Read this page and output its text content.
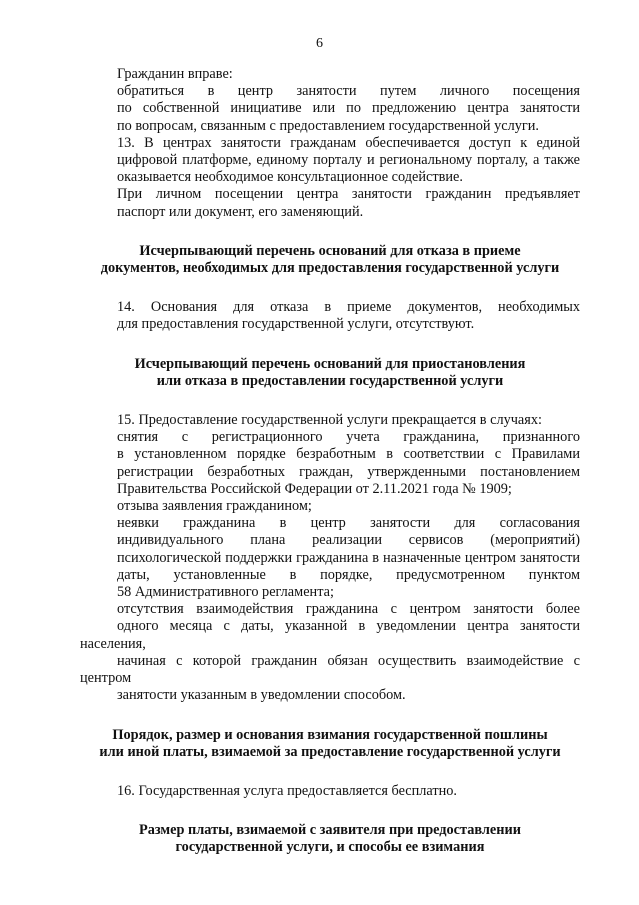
6

Гражданин вправе:

обратиться в центр занятости путем личного посещения
по собственной инициативе или по предложению центра занятости
по вопросам, связанным с предоставлением государственной услуги.

13. В центрах занятости гражданам обеспечивается доступ к единой
цифровой платформе, единому порталу и региональному порталу, а также
оказывается необходимое консультационное содействие.

При личном посещении центра занятости гражданин предъявляет
паспорт или документ, его заменяющий.

Исчерпывающий перечень оснований для отказа в приеме
документов, необходимых для предоставления государственной услуги

14. Основания для отказа в приеме документов, необходимых
для предоставления государственной услуги, отсутствуют.

Исчерпывающий перечень оснований для приостановления
или отказа в предоставлении государственной услуги

15. Предоставление государственной услуги прекращается в случаях:

снятия с регистрационного учета гражданина, признанного
в установленном порядке безработным в соответствии с Правилами
регистрации безработных граждан, утвержденными постановлением
Правительства Российской Федерации от 2.11.2021 года № 1909;

отзыва заявления гражданином;

неявки гражданина в центр занятости для согласования
индивидуального плана реализации сервисов (мероприятий)
психологической поддержки гражданина в назначенные центром занятости
даты, установленные в порядке, предусмотренном пунктом
58 Административного регламента;

отсутствия взаимодействия гражданина с центром занятости более
одного месяца с даты, указанной в уведомлении центра занятости населения,
начиная с которой гражданин обязан осуществить взаимодействие с центром
занятости указанным в уведомлении способом.

Порядок, размер и основания взимания государственной пошлины
или иной платы, взимаемой за предоставление государственной услуги

16. Государственная услуга предоставляется бесплатно.

Размер платы, взимаемой с заявителя при предоставлении
государственной услуги, и способы ее взимания
